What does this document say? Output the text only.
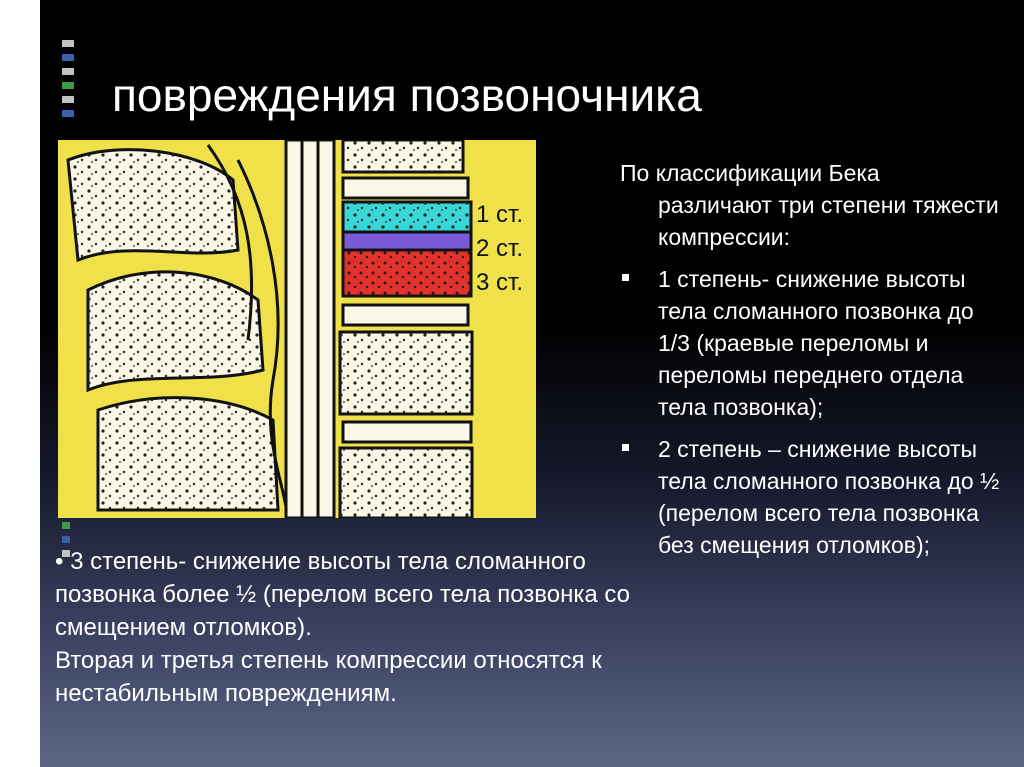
повреждения позвоночника
1 ст.
2 ст.
3 ст.
• 3 степень- снижение высоты тела сломанного позвонка более ½ (перелом всего тела позвонка со смещением отломков).
Вторая и третья степень компрессии относятся к нестабильным повреждениям.
По классификации Бека различают три степени тяжести компрессии:
1 степень- снижение высоты тела сломанного позвонка до 1/3 (краевые переломы и переломы переднего отдела тела позвонка);
2 степень – снижение высоты тела сломанного позвонка до ½ (перелом всего тела позвонка без смещения отломков);
